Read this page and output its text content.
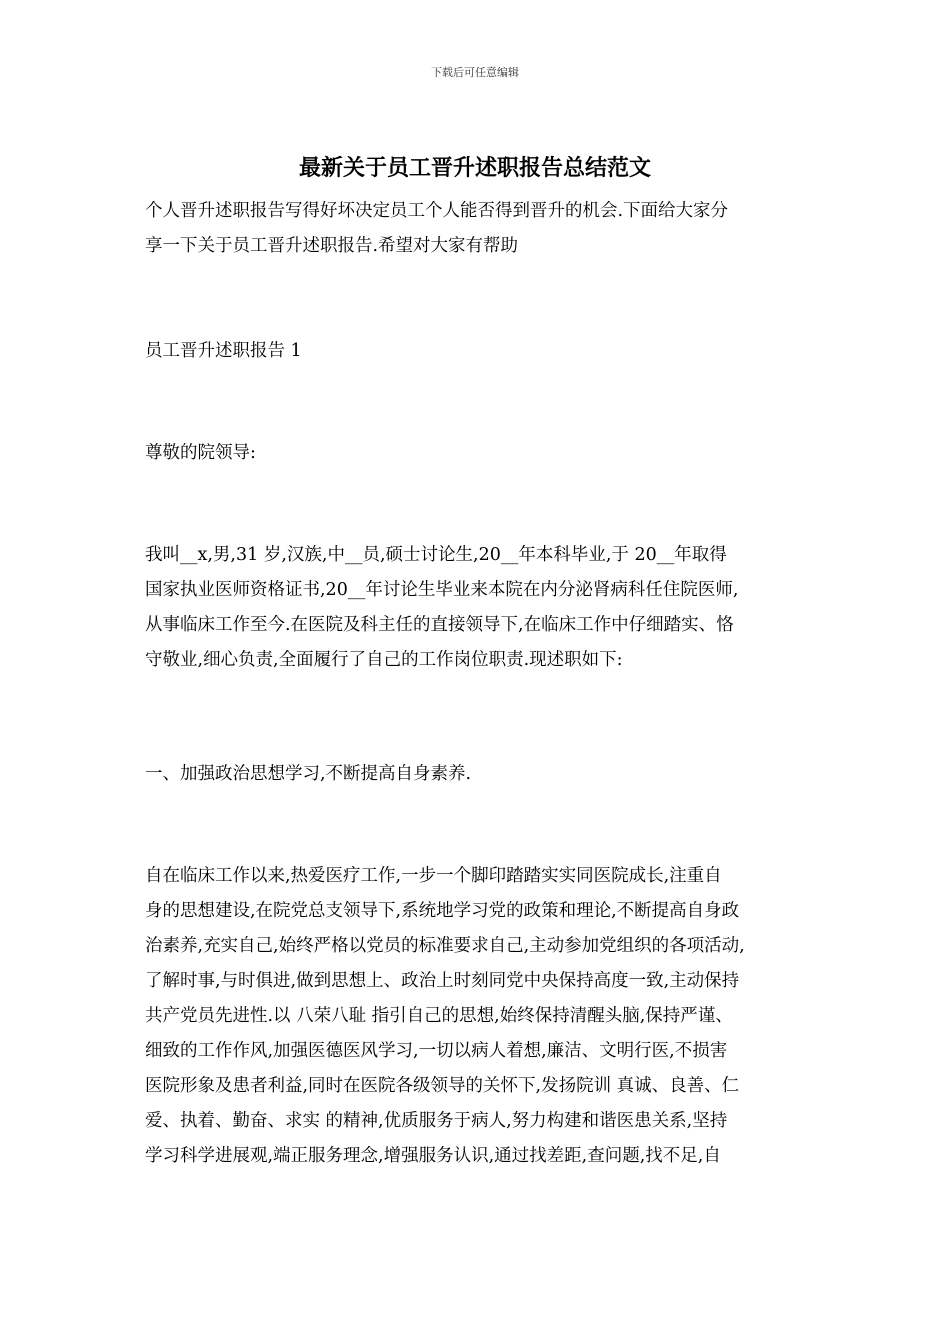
下载后可任意编辑
最新关于员工晋升述职报告总结范文
个人晋升述职报告写得好坏决定员工个人能否得到晋升的机会.下面给大家分
享一下关于员工晋升述职报告.希望对大家有帮助
员工晋升述职报告 1
尊敬的院领导:
我叫__x,男,31 岁,汉族,中__员,硕士讨论生,20__年本科毕业,于 20__年取得
国家执业医师资格证书,20__年讨论生毕业来本院在内分泌肾病科任住院医师,
从事临床工作至今.在医院及科主任的直接领导下,在临床工作中仔细踏实、恪
守敬业,细心负责,全面履行了自己的工作岗位职责.现述职如下:
一、加强政治思想学习,不断提高自身素养.
自在临床工作以来,热爱医疗工作,一步一个脚印踏踏实实同医院成长,注重自
身的思想建设,在院党总支领导下,系统地学习党的政策和理论,不断提高自身政
治素养,充实自己,始终严格以党员的标准要求自己,主动参加党组织的各项活动,
了解时事,与时俱进,做到思想上、政治上时刻同党中央保持高度一致,主动保持
共产党员先进性.以 八荣八耻 指引自己的思想,始终保持清醒头脑,保持严谨、
细致的工作作风,加强医德医风学习,一切以病人着想,廉洁、文明行医,不损害
医院形象及患者利益,同时在医院各级领导的关怀下,发扬院训 真诚、良善、仁
爱、执着、勤奋、求实 的精神,优质服务于病人,努力构建和谐医患关系,坚持
学习科学进展观,端正服务理念,增强服务认识,通过找差距,查问题,找不足,自
